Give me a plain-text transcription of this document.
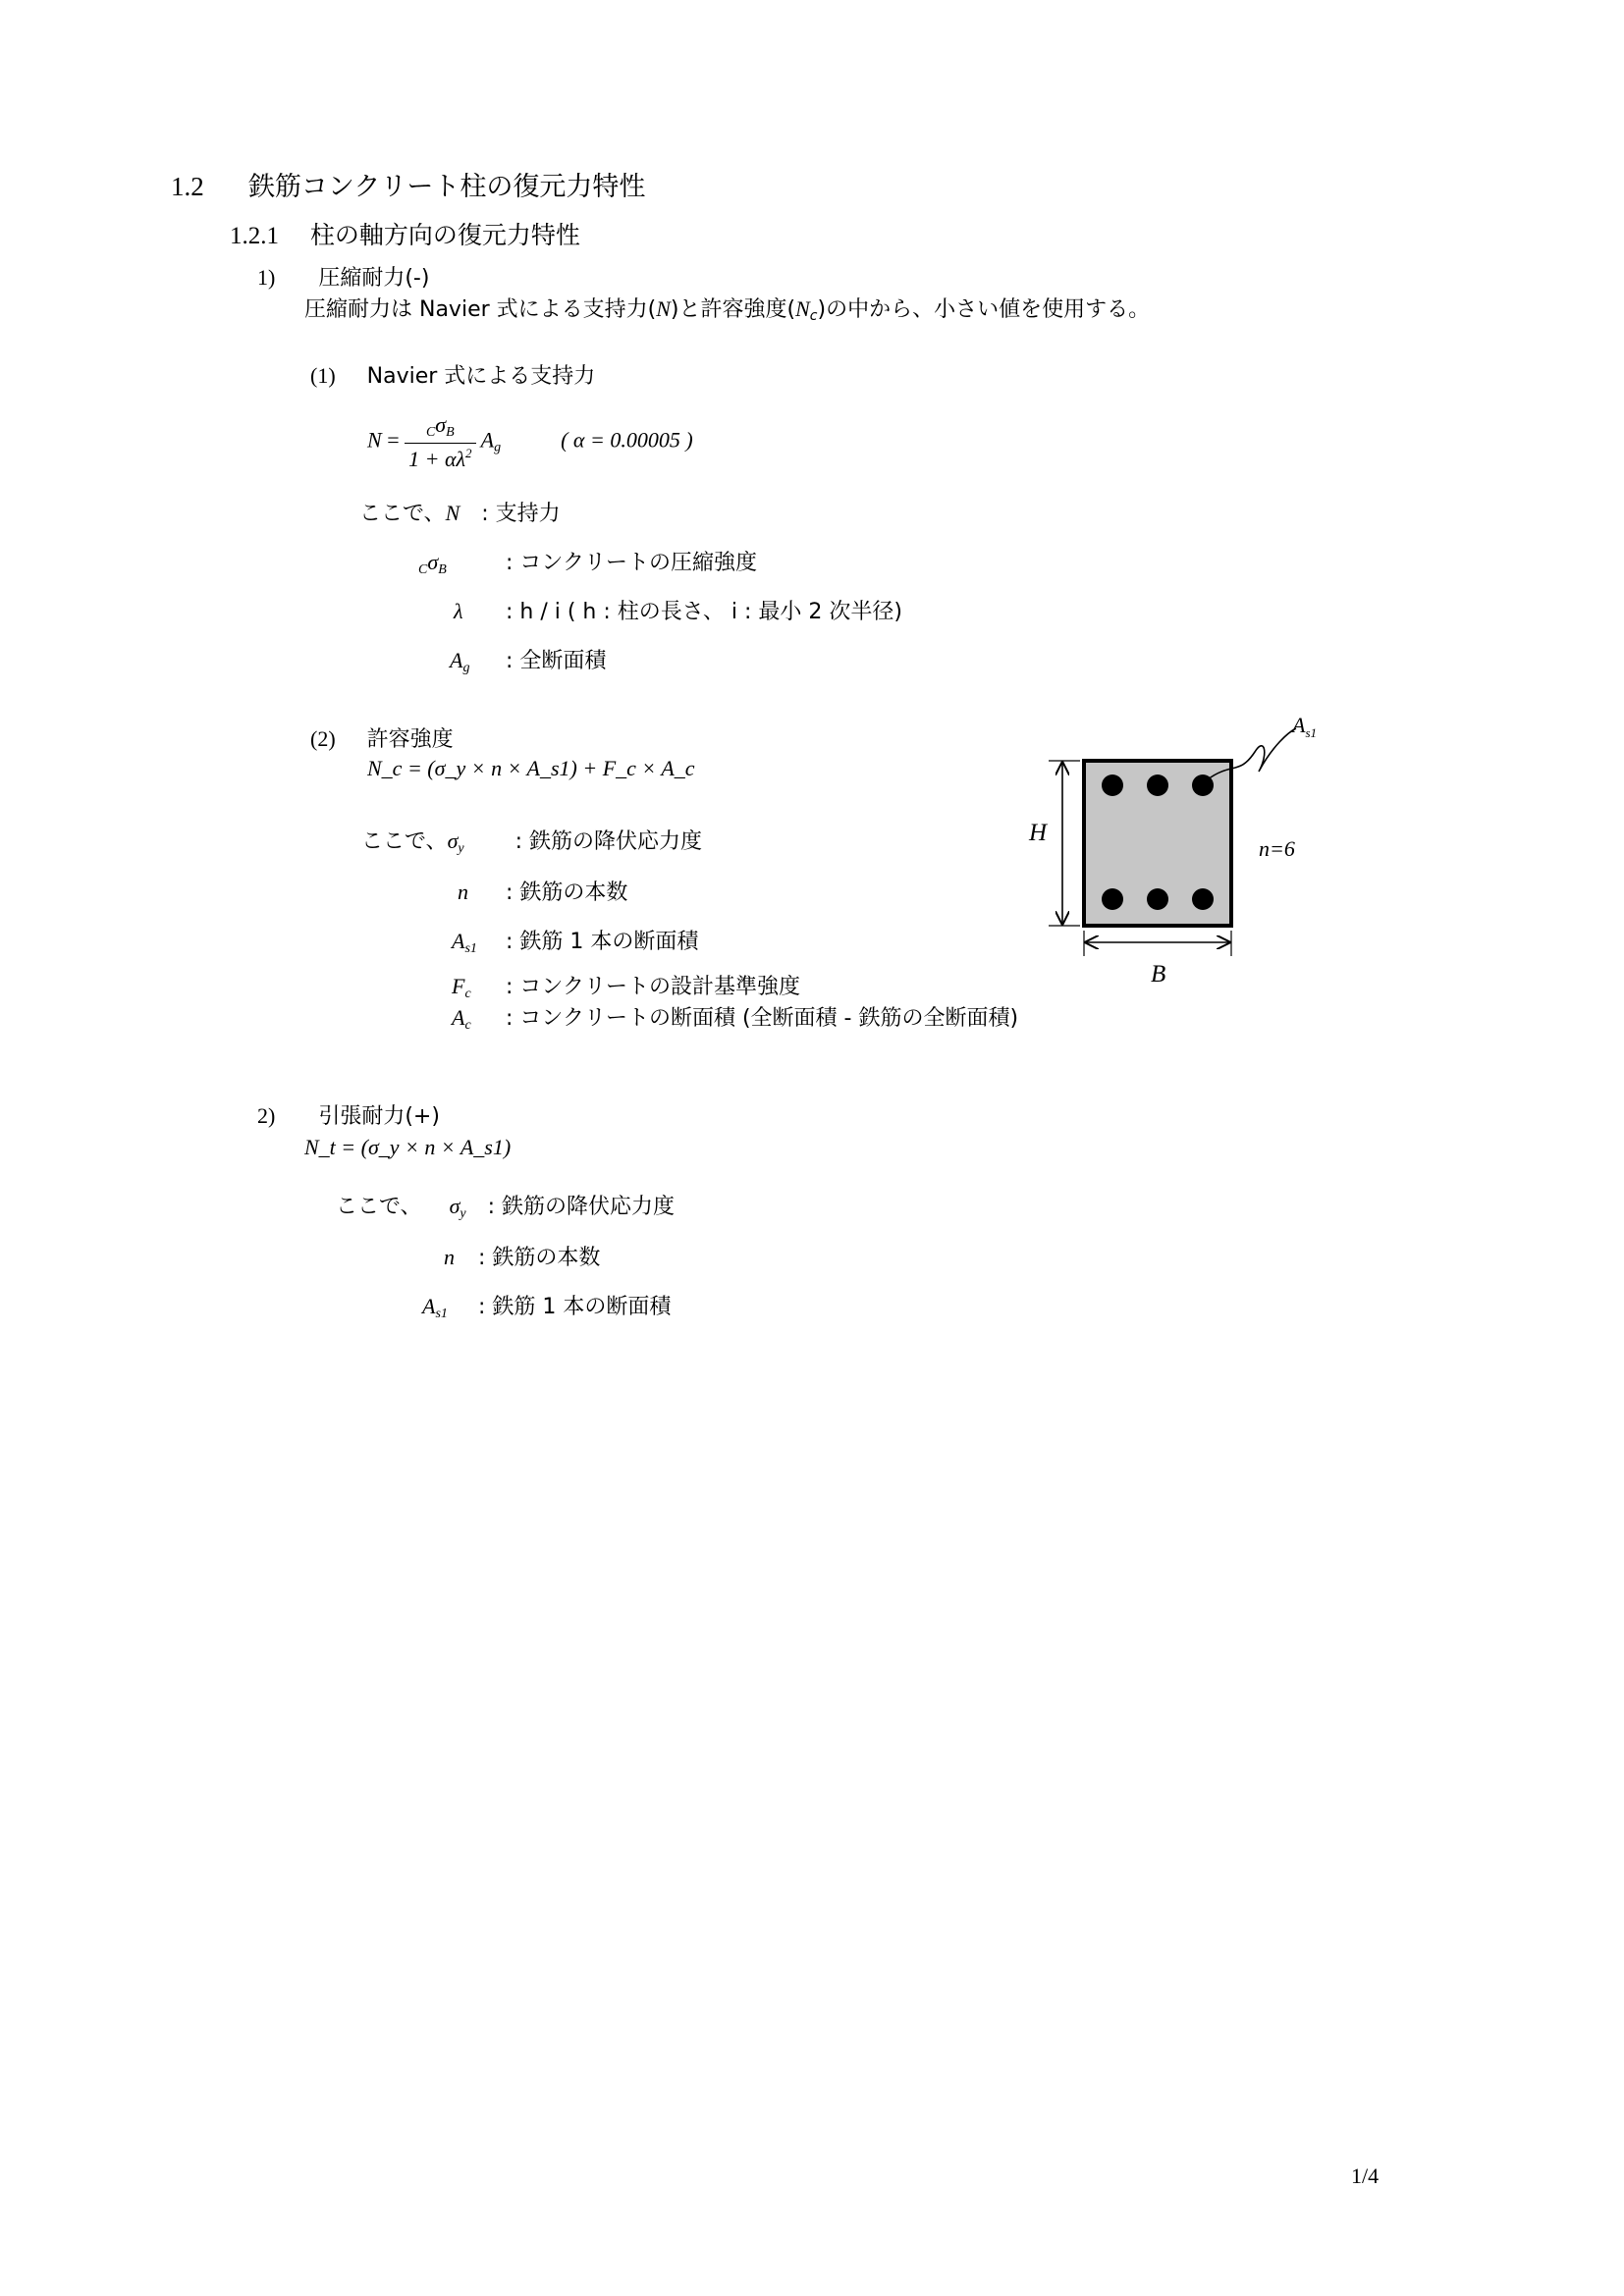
1.2 鉄筋コンクリート柱の復元力特性
1.2.1 柱の軸方向の復元力特性
1) 圧縮耐力(-)
圧縮耐力は Navier 式による支持力(N)と許容強度$(N_c)$の中から、小さい値を使用する。
(1) Navier 式による支持力
$N = \frac{_C\sigma_B}{1 + \alpha\lambda^2} A_g$	( α = 0.00005 )
ここで、N : 支持力
$_C\sigma_B$	: コンクリートの圧縮強度
λ : h / i ( h : 柱の長さ、 i : 最小 2 次半径)
$A_g$ : 全断面積
(2) 許容強度
N_c = (σ_y × n × A_s1) + F_c × A_c
ここで、$\sigma_y$ : 鉄筋の降伏応力度
n : 鉄筋の本数
$A_{s1}$ : 鉄筋 1 本の断面積
$F_c$ : コンクリートの設計基準強度
$A_c$ : コンクリートの断面積 (全断面積 - 鉄筋の全断面積)
$A_{s1}$
H
B
n=6
2) 引張耐力(+)
N_t = (σ_y × n × A_s1)
ここで、 $\sigma_y$ : 鉄筋の降伏応力度
n : 鉄筋の本数
$A_{s1}$ : 鉄筋 1 本の断面積
1/4
